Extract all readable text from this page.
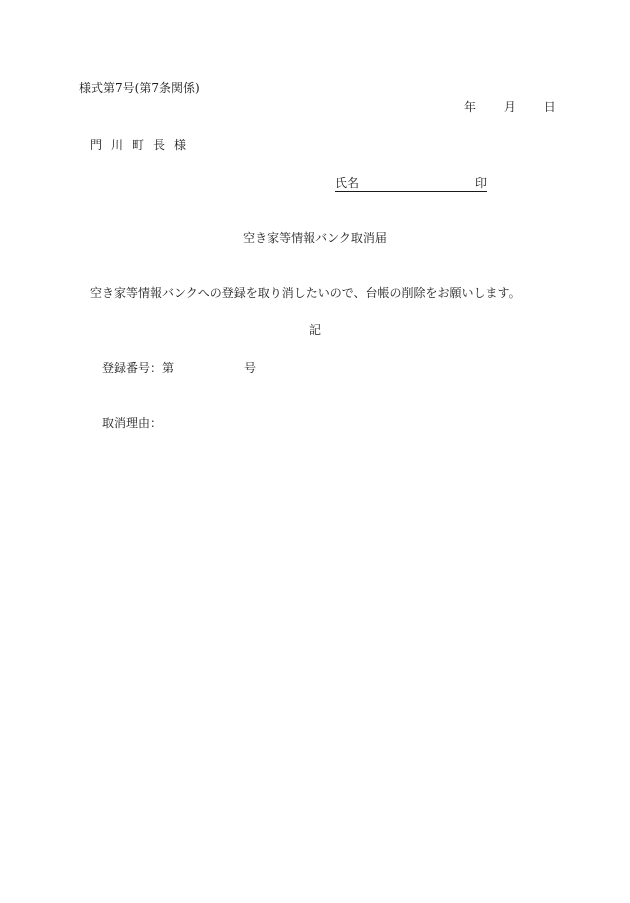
様式第7号(第7条関係)
年 月 日
門川町長様
氏名	印
空き家等情報バンク取消届
空き家等情報バンクへの登録を取り消したいので、台帳の削除をお願いします。
記
登録番号：第	号
取消理由：
